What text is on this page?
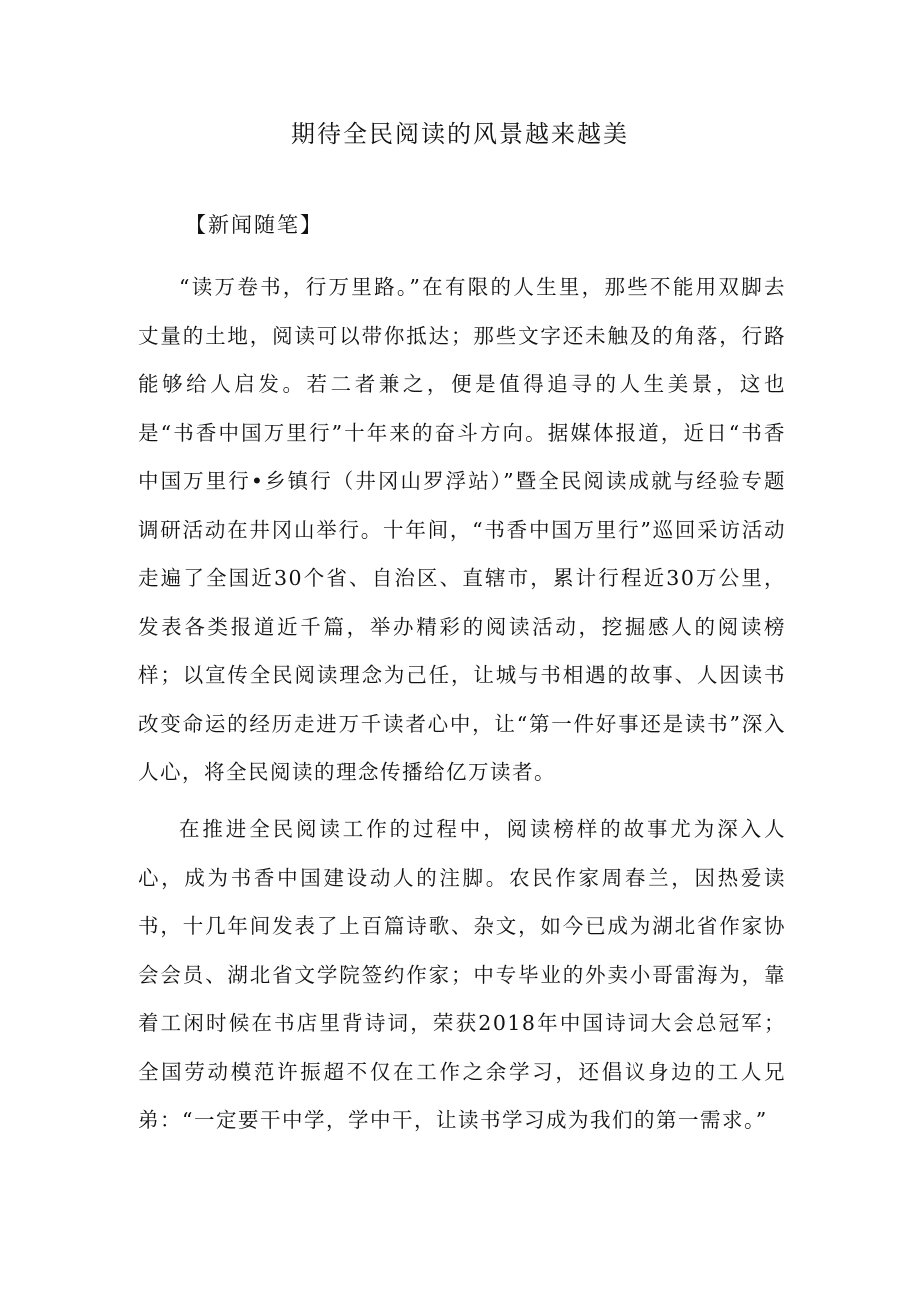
期待全民阅读的风景越来越美

【新闻随笔】

“读万卷书，行万里路。”在有限的人生里，那些不能用双脚去丈量的土地，阅读可以带你抵达；那些文字还未触及的角落，行路能够给人启发。若二者兼之，便是值得追寻的人生美景，这也是“书香中国万里行”十年来的奋斗方向。据媒体报道，近日“书香中国万里行•乡镇行（井冈山罗浮站）”暨全民阅读成就与经验专题调研活动在井冈山举行。十年间，“书香中国万里行”巡回采访活动走遍了全国近30个省、自治区、直辖市，累计行程近30万公里，发表各类报道近千篇，举办精彩的阅读活动，挖掘感人的阅读榜样；以宣传全民阅读理念为己任，让城与书相遇的故事、人因读书改变命运的经历走进万千读者心中，让“第一件好事还是读书”深入人心，将全民阅读的理念传播给亿万读者。

在推进全民阅读工作的过程中，阅读榜样的故事尤为深入人心，成为书香中国建设动人的注脚。农民作家周春兰，因热爱读书，十几年间发表了上百篇诗歌、杂文，如今已成为湖北省作家协会会员、湖北省文学院签约作家；中专毕业的外卖小哥雷海为，靠着工闲时候在书店里背诗词，荣获2018年中国诗词大会总冠军；全国劳动模范许振超不仅在工作之余学习，还倡议身边的工人兄弟：“一定要干中学，学中干，让读书学习成为我们的第一需求。”
